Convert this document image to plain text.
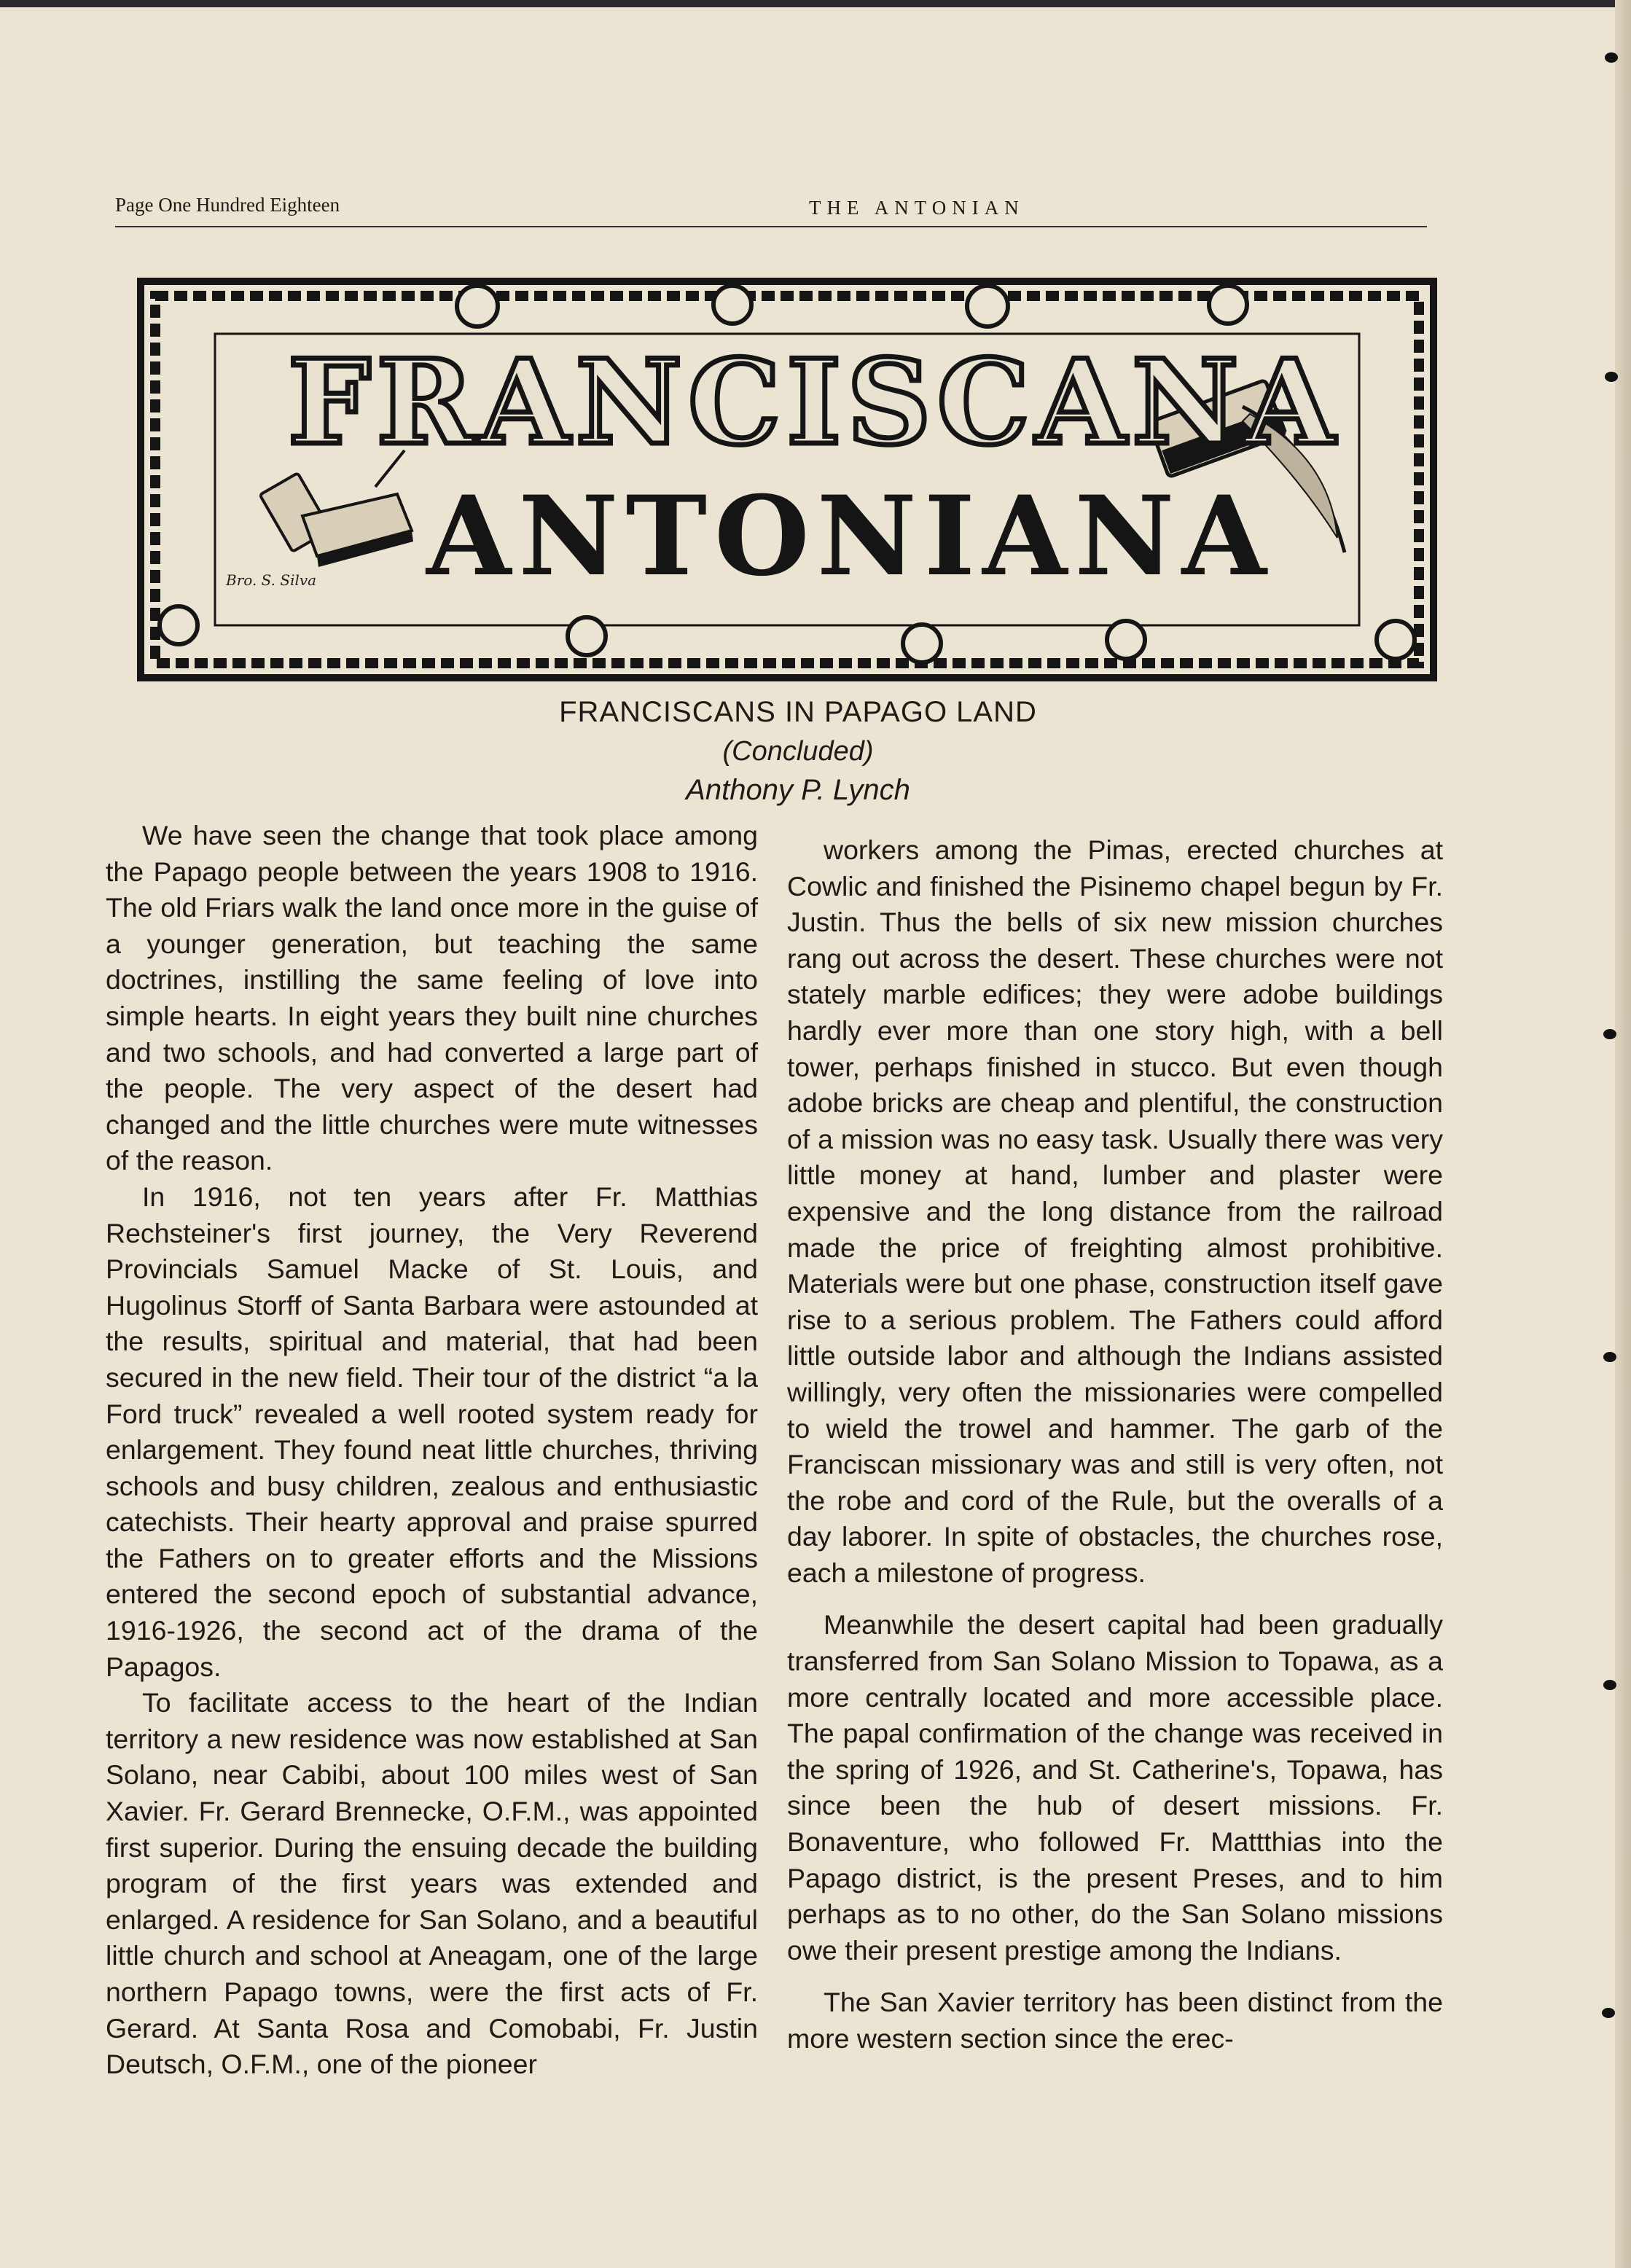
Page One Hundred Eighteen	THE ANTONIAN
FRANCISCANA
ANTONIANA
Bro. S. Silva
FRANCISCANS IN PAPAGO LAND
(Concluded)
Anthony P. Lynch

We have seen the change that took place among the Papago people between the years 1908 to 1916. The old Friars walk the land once more in the guise of a younger generation, but teaching the same doctrines, instilling the same feeling of love into simple hearts. In eight years they built nine churches and two schools, and had converted a large part of the people. The very aspect of the desert had changed and the little churches were mute witnesses of the reason.

In 1916, not ten years after Fr. Matthias Rechsteiner's first journey, the Very Reverend Provincials Samuel Macke of St. Louis, and Hugolinus Storff of Santa Barbara were astounded at the results, spiritual and material, that had been secured in the new field. Their tour of the district “a la Ford truck” revealed a well rooted system ready for enlargement. They found neat little churches, thriving schools and busy children, zealous and enthusiastic catechists. Their hearty approval and praise spurred the Fathers on to greater efforts and the Missions entered the second epoch of substantial advance, 1916-1926, the second act of the drama of the Papagos.

To facilitate access to the heart of the Indian territory a new residence was now established at San Solano, near Cabibi, about 100 miles west of San Xavier. Fr. Gerard Brennecke, O.F.M., was appointed first superior. During the ensuing decade the building program of the first years was extended and enlarged. A residence for San Solano, and a beautiful little church and school at Aneagam, one of the large northern Papago towns, were the first acts of Fr. Gerard. At Santa Rosa and Comobabi, Fr. Justin Deutsch, O.F.M., one of the pioneer

workers among the Pimas, erected churches at Cowlic and finished the Pisinemo chapel begun by Fr. Justin. Thus the bells of six new mission churches rang out across the desert. These churches were not stately marble edifices; they were adobe buildings hardly ever more than one story high, with a bell tower, perhaps finished in stucco. But even though adobe bricks are cheap and plentiful, the construction of a mission was no easy task. Usually there was very little money at hand, lumber and plaster were expensive and the long distance from the railroad made the price of freighting almost prohibitive. Materials were but one phase, construction itself gave rise to a serious problem. The Fathers could afford little outside labor and although the Indians assisted willingly, very often the missionaries were compelled to wield the trowel and hammer. The garb of the Franciscan missionary was and still is very often, not the robe and cord of the Rule, but the overalls of a day laborer. In spite of obstacles, the churches rose, each a milestone of progress.

Meanwhile the desert capital had been gradually transferred from San Solano Mission to Topawa, as a more centrally located and more accessible place. The papal confirmation of the change was received in the spring of 1926, and St. Catherine's, Topawa, has since been the hub of desert missions. Fr. Bonaventure, who followed Fr. Mattthias into the Papago district, is the present Preses, and to him perhaps as to no other, do the San Solano missions owe their present prestige among the Indians.

The San Xavier territory has been distinct from the more western section since the erec-
